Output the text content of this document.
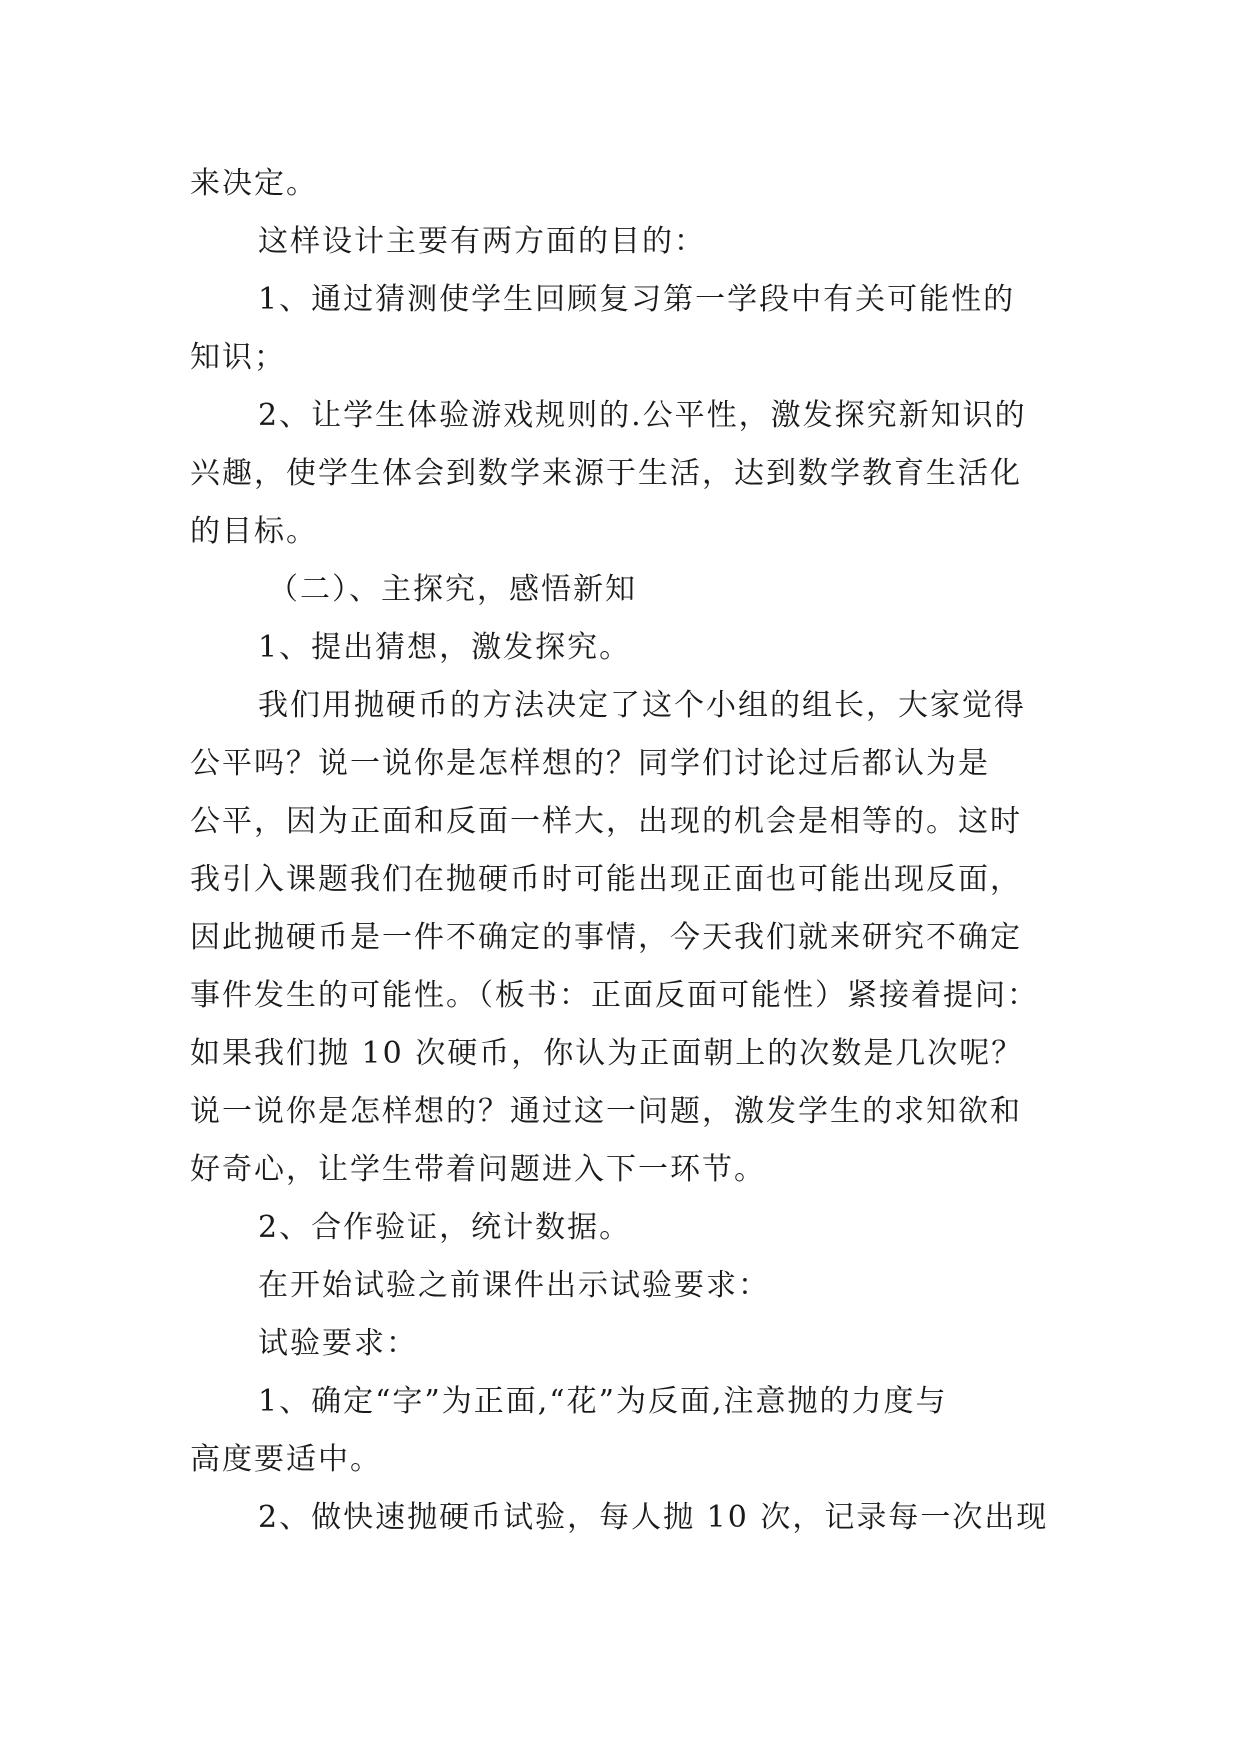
来决定。
这样设计主要有两方面的目的：
1、通过猜测使学生回顾复习第一学段中有关可能性的
知识；
2、让学生体验游戏规则的.公平性，激发探究新知识的
兴趣，使学生体会到数学来源于生活，达到数学教育生活化
的目标。
（二）、主探究，感悟新知
1、提出猜想，激发探究。
我们用抛硬币的方法决定了这个小组的组长，大家觉得
公平吗？说一说你是怎样想的？同学们讨论过后都认为是
公平，因为正面和反面一样大，出现的机会是相等的。这时
我引入课题我们在抛硬币时可能出现正面也可能出现反面，
因此抛硬币是一件不确定的事情，今天我们就来研究不确定
事件发生的可能性。（板书：正面反面可能性）紧接着提问：
如果我们抛 10 次硬币，你认为正面朝上的次数是几次呢？
说一说你是怎样想的？通过这一问题，激发学生的求知欲和
好奇心，让学生带着问题进入下一环节。
2、合作验证，统计数据。
在开始试验之前课件出示试验要求：
试验要求：
1、确定“字”为正面,“花”为反面,注意抛的力度与
高度要适中。
2、做快速抛硬币试验，每人抛 10 次，记录每一次出现
